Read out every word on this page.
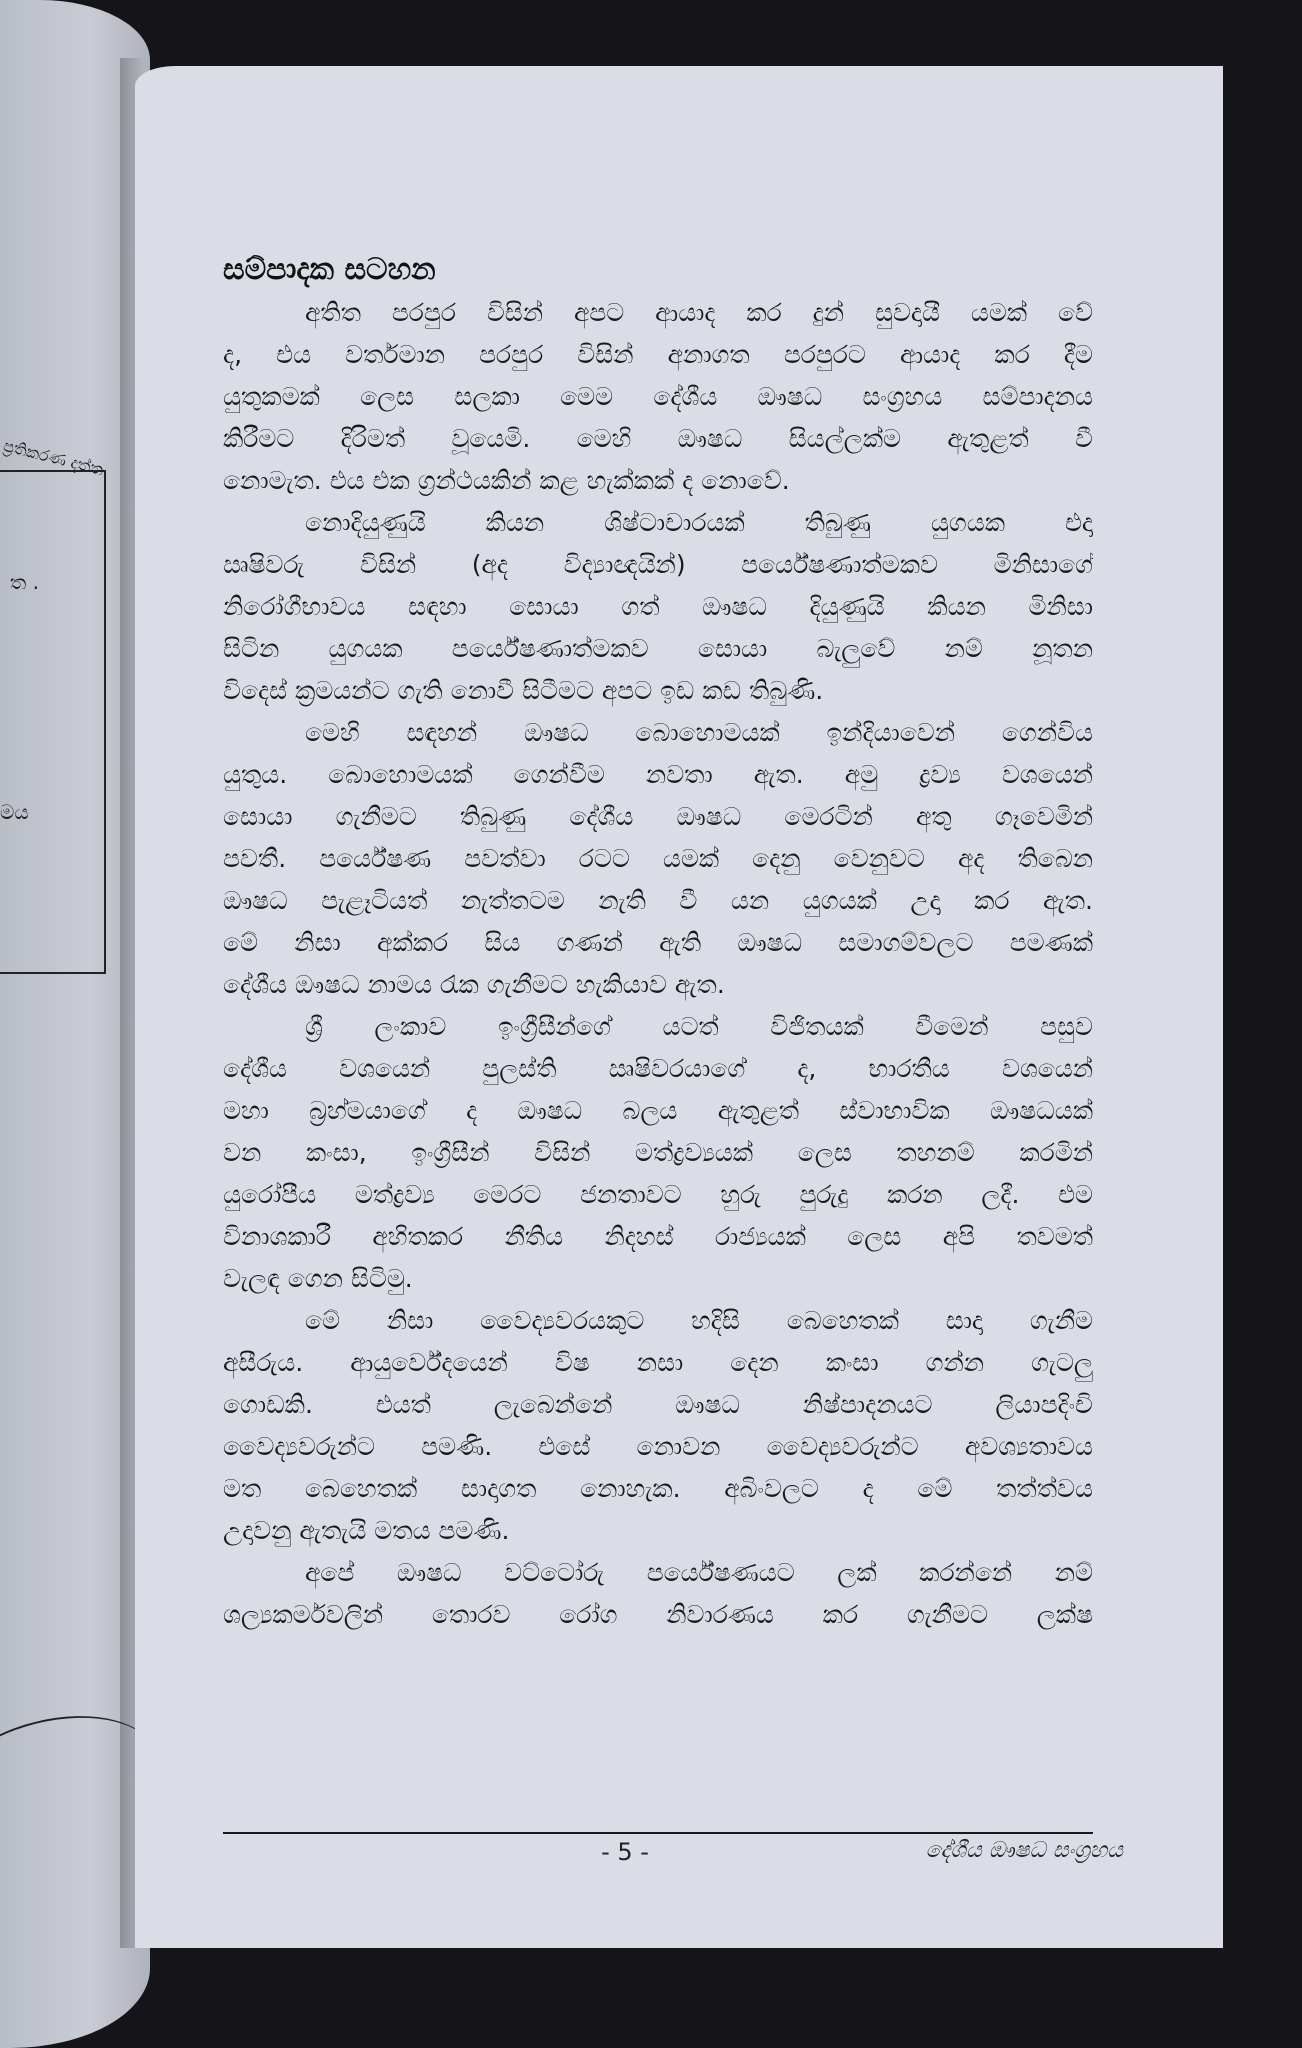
ප්‍රතිකරණ දත්ත
ත .
මය
සම්පාදක සටහන
අතිත පරපුර විසින් අපට ආයාද කර දුන් සුවදායී යමක් වේ
ද, එය වර්තමාන පරපුර විසින් අනාගත පරපුරට ආයාද කර දීම
යුතුකමක් ලෙස සලකා මෙම දේශීය ඖෂධ සංග්‍රහය සම්පාදනය
කිරීමට දිරිමත් වූයෙමි. මෙහි ඖෂධ සියල්ලක්ම ඇතුළත් වී
නොමැත. එය එක ග්‍රන්ථයකින් කළ හැක්කක් ද නොවේ.
නොදියුණුයි කියන ශිෂ්ටාචාරයක් තිබුණු යුගයක එදා
ඍෂිවරු විසින් (අද විද්‍යාඥයින්) පර්යේෂණාත්මකව මිනිසාගේ
නිරෝගීභාවය සඳහා සොයා ගත් ඖෂධ දියුණුයි කියන මිනිසා
සිටින යුගයක පර්යේෂණාත්මකව සොයා බැලුවේ නම් නූතන
විදෙස් ක්‍රමයන්ට ගැති නොවී සිටීමට අපට ඉඩ කඩ තිබුණි.
මෙහි සඳහන් ඖෂධ බොහොමයක් ඉන්දියාවෙන් ගෙන්විය
යුතුය. බොහොමයක් ගෙන්වීම නවතා ඇත. අමු ද්‍රව්‍ය වශයෙන්
සොයා ගැනීමට තිබුණු දේශීය ඖෂධ මෙරටින් අතු ගෑවෙමින්
පවතී. පර්යේෂණ පවත්වා රටට යමක් දෙනු වෙනුවට අද තිබෙන
ඖෂධ පැළෑටියත් නැත්තටම නැති වී යන යුගයක් උදා කර ඇත.
මේ නිසා අක්කර සිය ගණන් ඇති ඖෂධ සමාගම්වලට පමණක්
දේශීය ඖෂධ නාමය රැක ගැනීමට හැකියාව ඇත.
ශ්‍රී ලංකාව ඉංග්‍රීසීන්ගේ යටත් විජිතයක් වීමෙන් පසුව
දේශීය වශයෙන් පුලස්ති ඍෂිවරයාගේ ද, භාරතීය වශයෙන්
මහා බ්‍රහ්මයාගේ ද ඖෂධ බලය ඇතුළත් ස්වාභාවික ඖෂධයක්
වන කංසා, ඉංග්‍රීසීන් විසින් මත්ද්‍රව්‍යයක් ලෙස තහනම් කරමින්
යුරෝපීය මත්ද්‍රව්‍ය මෙරට ජනතාවට හුරු පුරුදු කරන ලදී. එම
විනාශකාරී අහිතකර නීතිය නිදහස් රාජ්‍යයක් ලෙස අපි තවමත්
වැලඳ ගෙන සිටිමු.
මේ නිසා වෛද්‍යවරයකුට හදිසි බෙහෙතක් සාදා ගැනීම
අසීරුය. ආයුර්වේදයෙන් විෂ නසා දෙන කංසා ගන්න ගැටලු
ගොඩකි. එයත් ලැබෙන්නේ ඖෂධ නිෂ්පාදනයට ලියාපදිංචි
වෛද්‍යවරුන්ට පමණි. එසේ නොවන වෛද්‍යවරුන්ට අවශ්‍යතාවය
මත බෙහෙතක් සාදාගත නොහැක. අබිංවලට ද මේ තත්ත්වය
උදාවනු ඇතැයි මතය පමණි.
අපේ ඖෂධ වට්ටෝරු පර්යේෂණයට ලක් කරන්නේ නම්
ශල්‍යකර්මවලින් තොරව රෝග නිවාරණය කර ගැනීමට ලක්ෂ
- 5 -	දේශීය ඖෂධ සංග්‍රහය
